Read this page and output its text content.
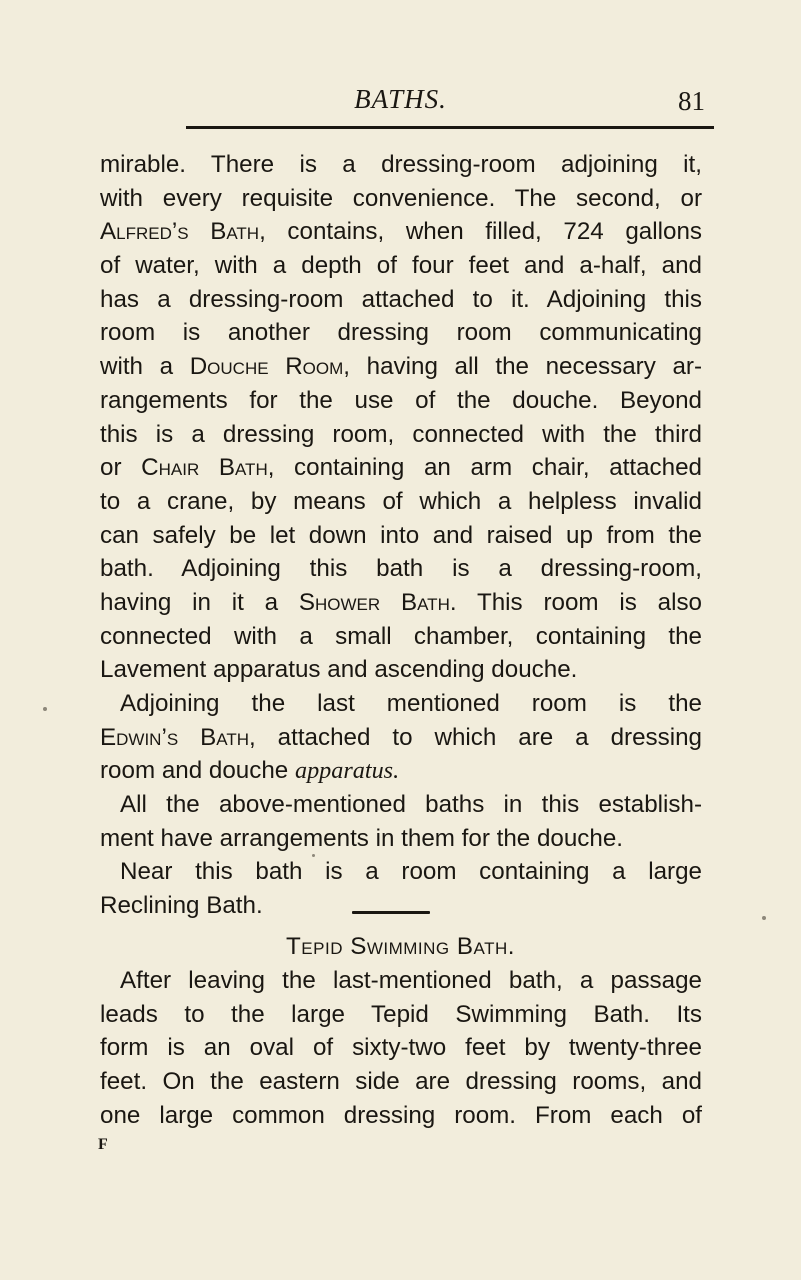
BATHS.	81
mirable. There is a dressing-room adjoining it,
with every requisite convenience. The second, or
Alfred’s Bath, contains, when filled, 724 gallons
of water, with a depth of four feet and a-half, and
has a dressing-room attached to it. Adjoining this
room is another dressing room communicating
with a Douche Room, having all the necessary ar-
rangements for the use of the douche. Beyond
this is a dressing room, connected with the third
or Chair Bath, containing an arm chair, attached
to a crane, by means of which a helpless invalid
can safely be let down into and raised up from the
bath. Adjoining this bath is a dressing-room,
having in it a Shower Bath. This room is also
connected with a small chamber, containing the
Lavement apparatus and ascending douche.
Adjoining the last mentioned room is the
Edwin’s Bath, attached to which are a dressing
room and douche apparatus.
All the above-mentioned baths in this establish-
ment have arrangements in them for the douche.
Near this bath is a room containing a large
Reclining Bath.
Tepid Swimming Bath.
After leaving the last-mentioned bath, a passage
leads to the large Tepid Swimming Bath. Its
form is an oval of sixty-two feet by twenty-three
feet. On the eastern side are dressing rooms, and
one large common dressing room. From each of
F
